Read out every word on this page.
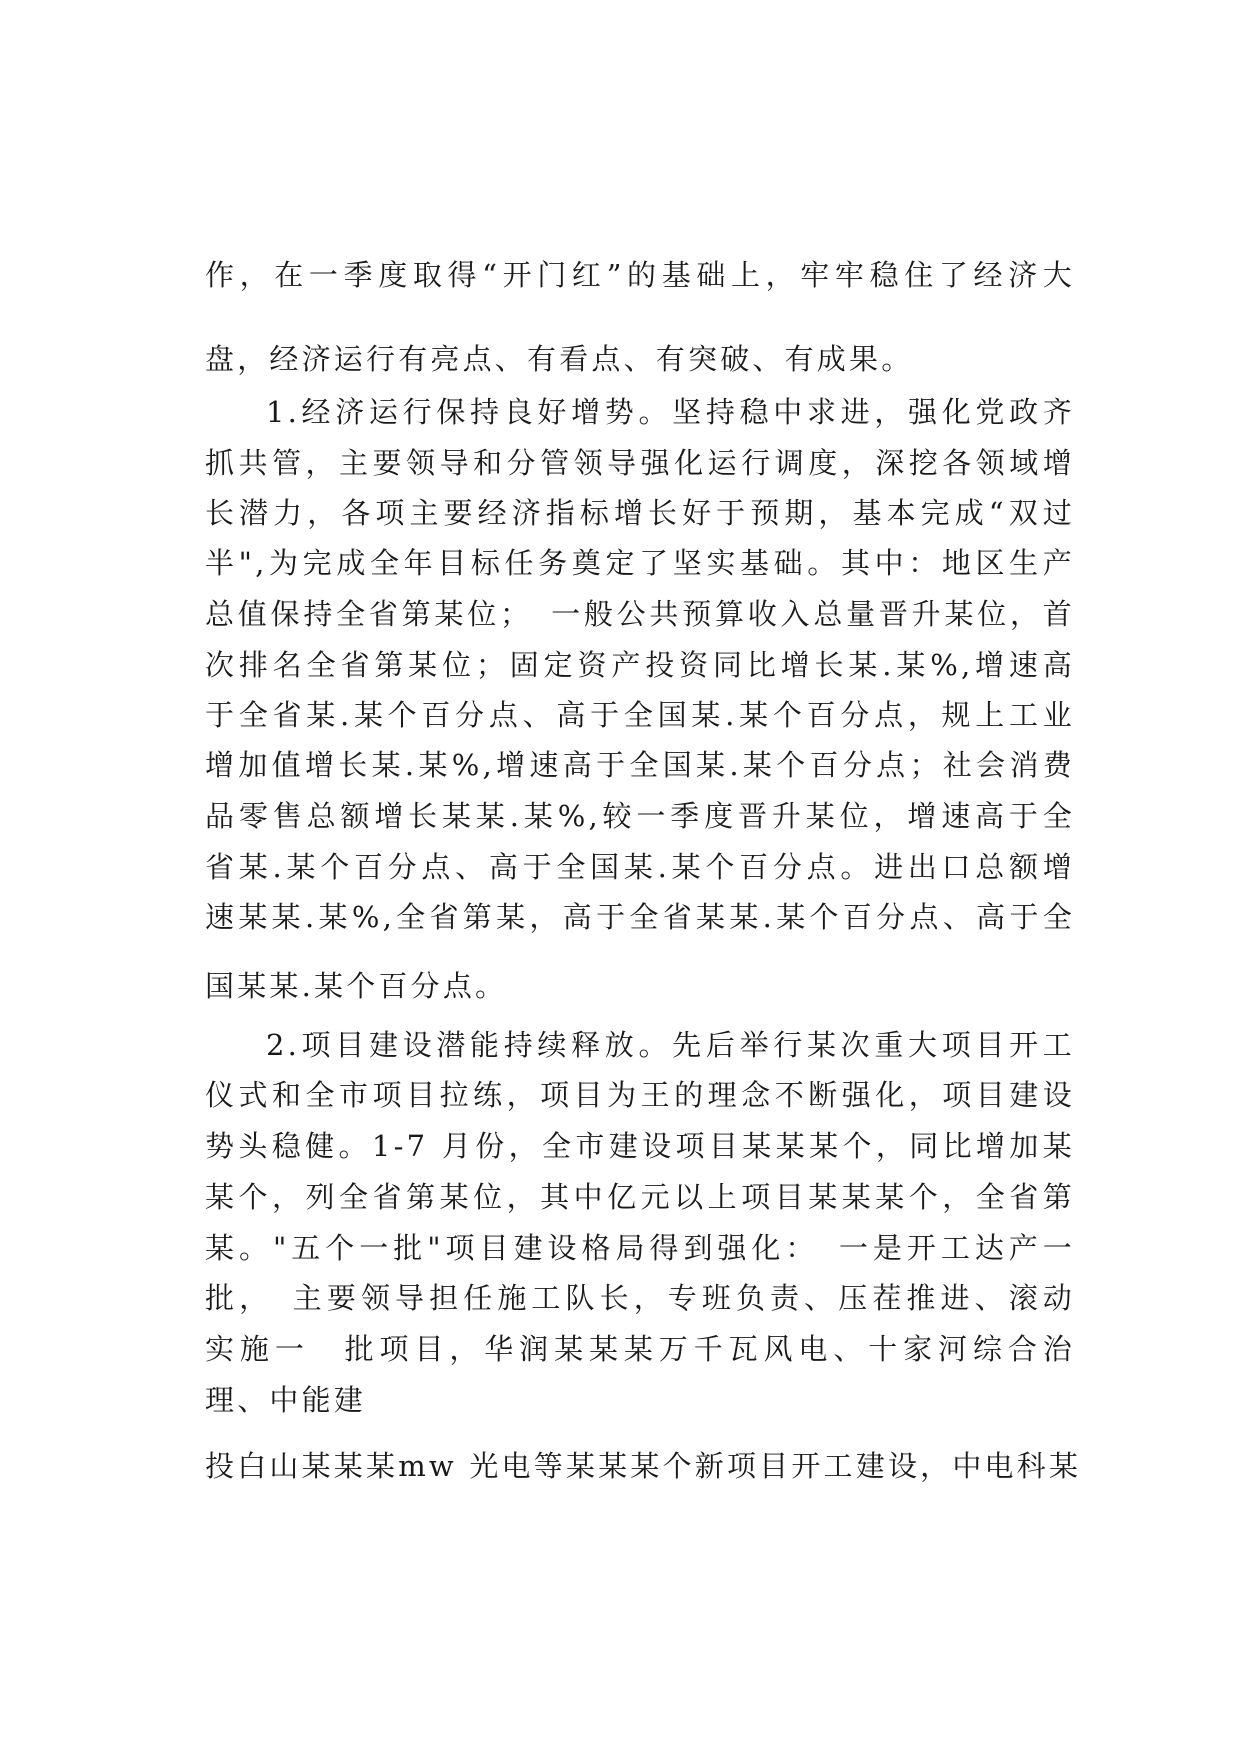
作，在一季度取得“开门红”的基础上，牢牢稳住了经济大
盘，经济运行有亮点、有看点、有突破、有成果。
1.经济运行保持良好增势。坚持稳中求进，强化党政齐
抓共管，主要领导和分管领导强化运行调度，深挖各领域增
长潜力，各项主要经济指标增长好于预期，基本完成“双过
半",为完成全年目标任务奠定了坚实基础。其中：地区生产
总值保持全省第某位；　一般公共预算收入总量晋升某位，首
次排名全省第某位；固定资产投资同比增长某.某%,增速高
于全省某.某个百分点、高于全国某.某个百分点，规上工业
增加值增长某.某%,增速高于全国某.某个百分点；社会消费
品零售总额增长某某.某%,较一季度晋升某位，增速高于全
省某.某个百分点、高于全国某.某个百分点。进出口总额增
速某某.某%,全省第某，高于全省某某.某个百分点、高于全
国某某.某个百分点。
2.项目建设潜能持续释放。先后举行某次重大项目开工
仪式和全市项目拉练，项目为王的理念不断强化，项目建设
势头稳健。1-7 月份，全市建设项目某某某个，同比增加某
某个，列全省第某位，其中亿元以上项目某某某个，全省第
某。"五个一批"项目建设格局得到强化：　一是开工达产一
批，　主要领导担任施工队长，专班负责、压茬推进、滚动
实施一　批项目，华润某某某万千瓦风电、十家河综合治
理、中能建
投白山某某某mw 光电等某某某个新项目开工建设，中电科某
